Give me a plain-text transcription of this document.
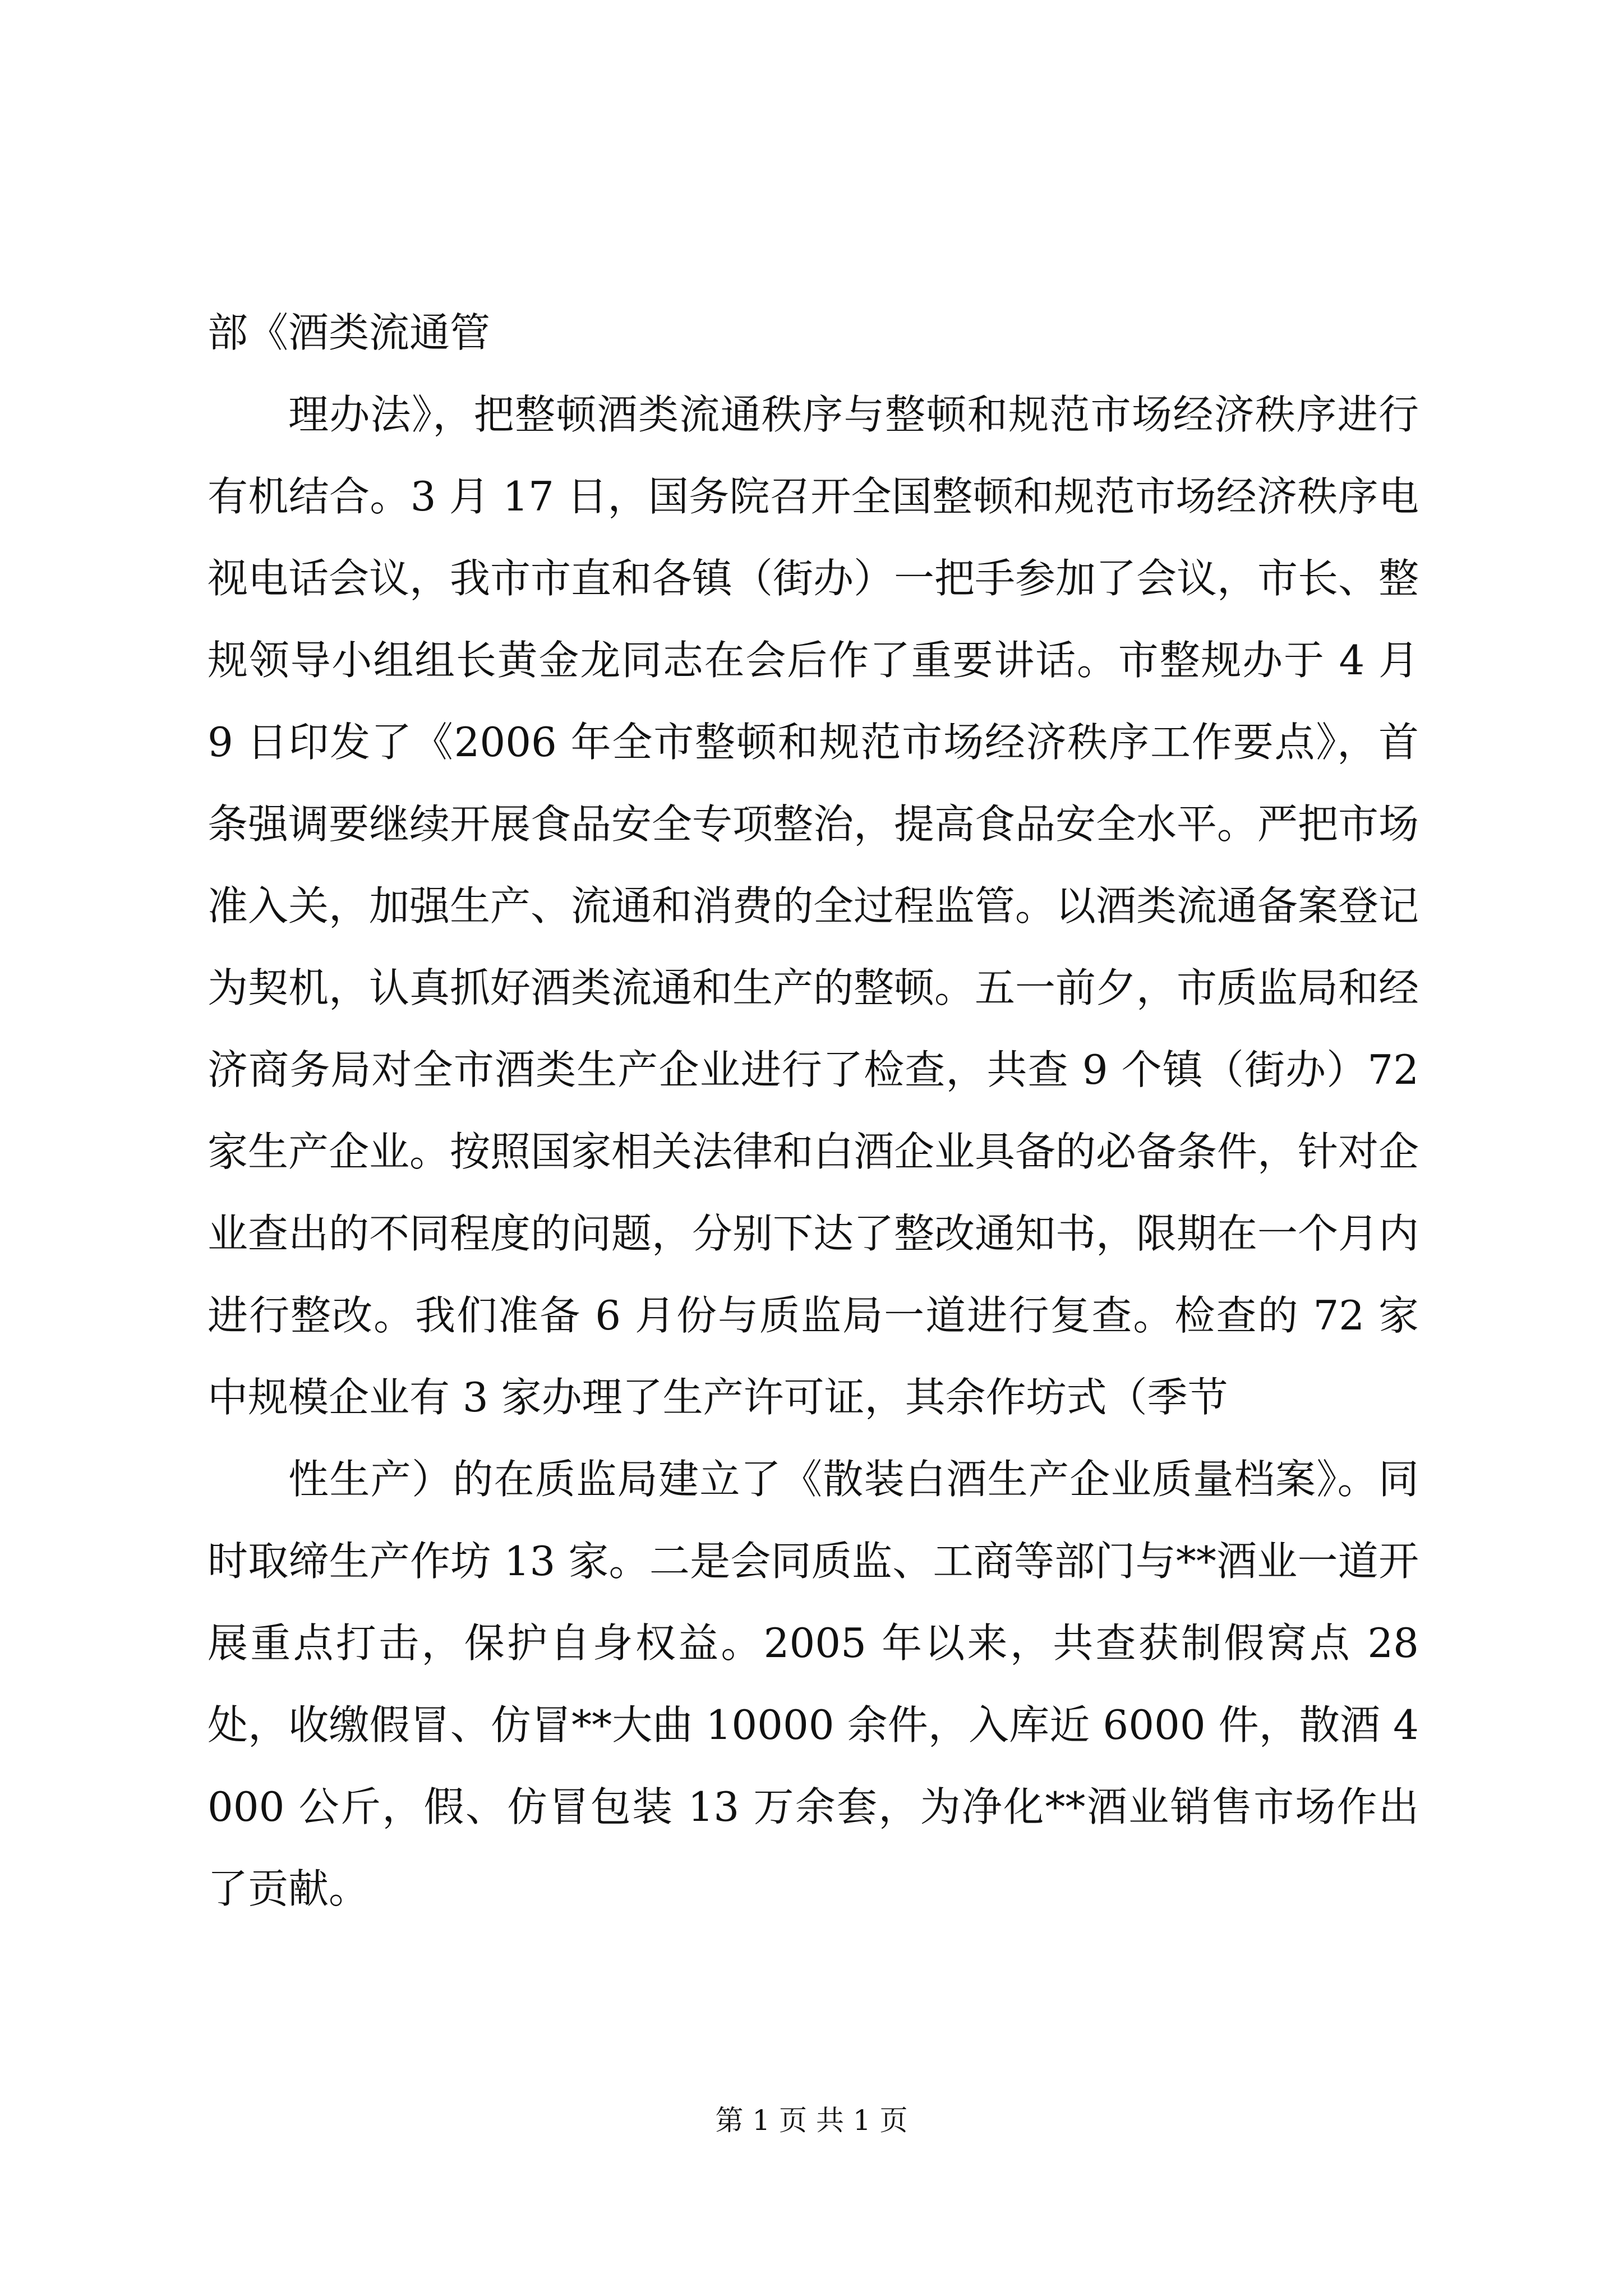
部《酒类流通管

理办法》，把整顿酒类流通秩序与整顿和规范市场经济秩序进行有机结合。3 月 17 日，国务院召开全国整顿和规范市场经济秩序电视电话会议，我市市直和各镇（街办）一把手参加了会议，市长、整规领导小组组长黄金龙同志在会后作了重要讲话。市整规办于 4 月 9 日印发了《2006 年全市整顿和规范市场经济秩序工作要点》，首条强调要继续开展食品安全专项整治，提高食品安全水平。严把市场准入关，加强生产、流通和消费的全过程监管。以酒类流通备案登记为契机，认真抓好酒类流通和生产的整顿。五一前夕，市质监局和经济商务局对全市酒类生产企业进行了检查，共查 9 个镇（街办）72 家生产企业。按照国家相关法律和白酒企业具备的必备条件，针对企业查出的不同程度的问题，分别下达了整改通知书，限期在一个月内进行整改。我们准备 6 月份与质监局一道进行复查。检查的 72 家中规模企业有 3 家办理了生产许可证，其余作坊式（季节

性生产）的在质监局建立了《散装白酒生产企业质量档案》。同时取缔生产作坊 13 家。二是会同质监、工商等部门与**酒业一道开展重点打击，保护自身权益。2005 年以来，共查获制假窝点 28 处，收缴假冒、仿冒**大曲 10000 余件，入库近 6000 件，散酒 4000 公斤，假、仿冒包装 13 万余套，为净化**酒业销售市场作出了贡献。

第 1 页 共 1 页
